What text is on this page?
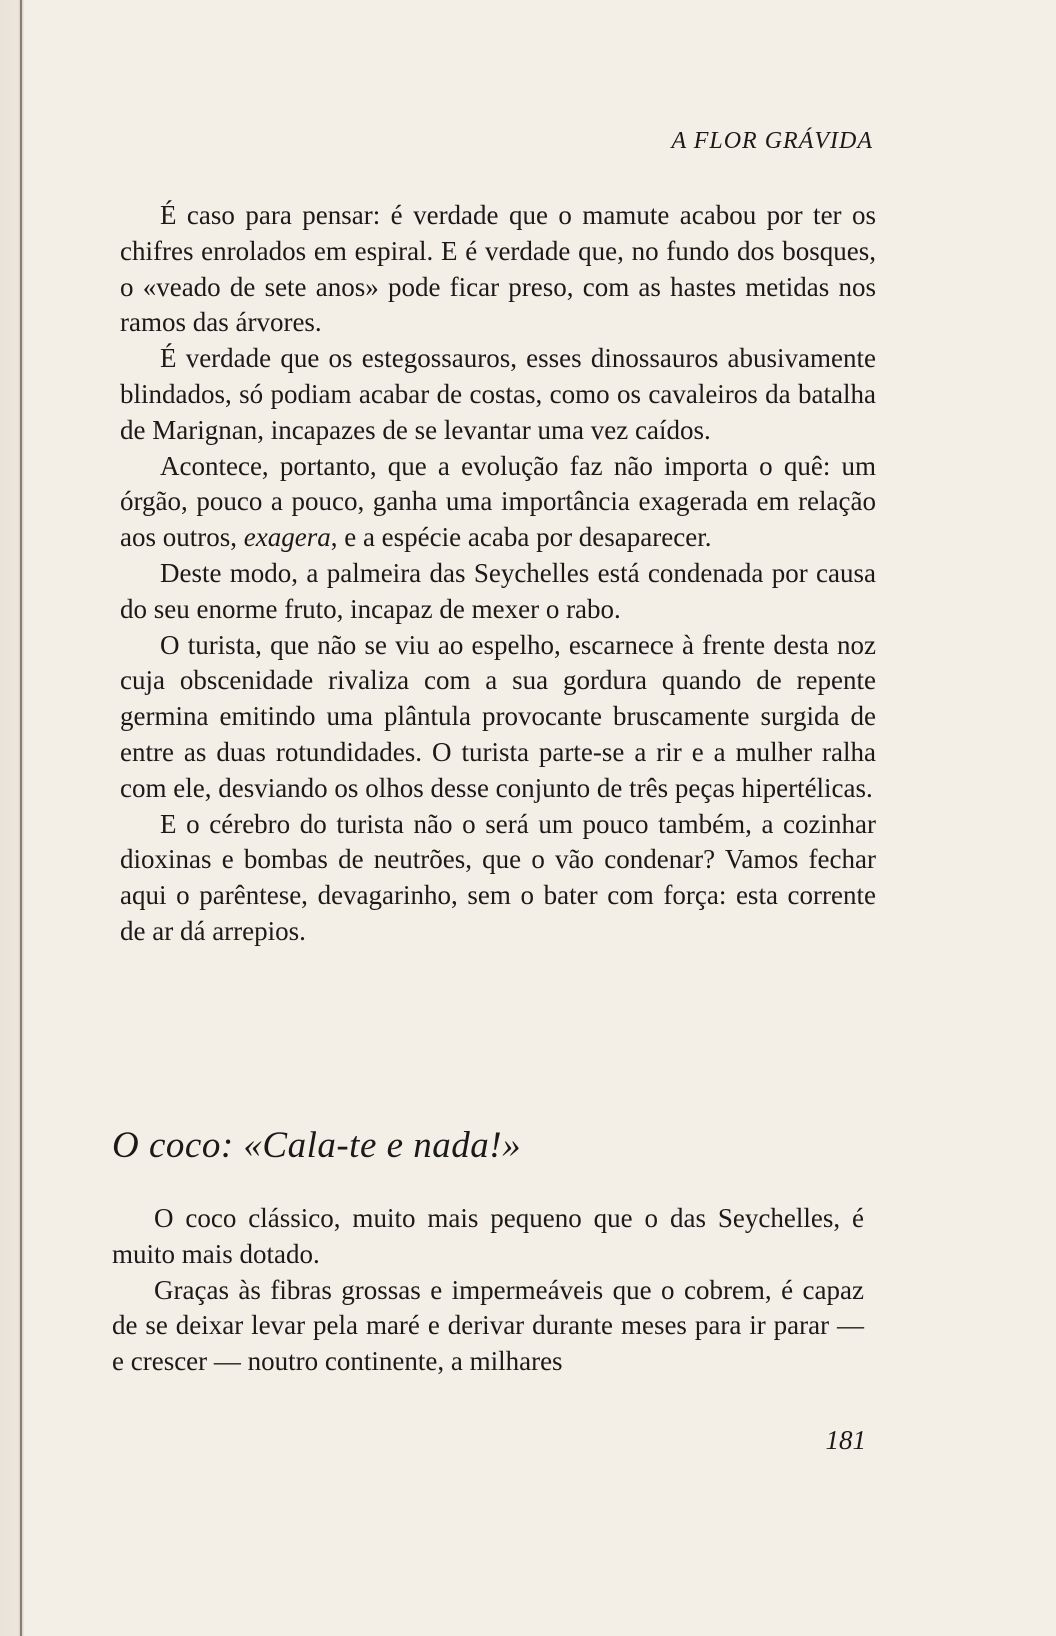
A FLOR GRÁVIDA

É caso para pensar: é verdade que o mamute acabou por ter os chifres enrolados em espiral. E é verdade que, no fundo dos bosques, o «veado de sete anos» pode ficar preso, com as hastes metidas nos ramos das árvores.

É verdade que os estegossauros, esses dinossauros abusivamente blindados, só podiam acabar de costas, como os cavaleiros da batalha de Marignan, incapazes de se levantar uma vez caídos.

Acontece, portanto, que a evolução faz não importa o quê: um órgão, pouco a pouco, ganha uma importância exagerada em relação aos outros, exagera, e a espécie acaba por desaparecer.

Deste modo, a palmeira das Seychelles está condenada por causa do seu enorme fruto, incapaz de mexer o rabo.

O turista, que não se viu ao espelho, escarnece à frente desta noz cuja obscenidade rivaliza com a sua gordura quando de repente germina emitindo uma plântula provocante bruscamente surgida de entre as duas rotundidades. O turista parte-se a rir e a mulher ralha com ele, desviando os olhos desse conjunto de três peças hipertélicas.

E o cérebro do turista não o será um pouco também, a cozinhar dioxinas e bombas de neutrões, que o vão condenar? Vamos fechar aqui o parêntese, devagarinho, sem o bater com força: esta corrente de ar dá arrepios.

O coco: «Cala-te e nada!»

O coco clássico, muito mais pequeno que o das Seychelles, é muito mais dotado.

Graças às fibras grossas e impermeáveis que o cobrem, é capaz de se deixar levar pela maré e derivar durante meses para ir parar — e crescer — noutro continente, a milhares

181
